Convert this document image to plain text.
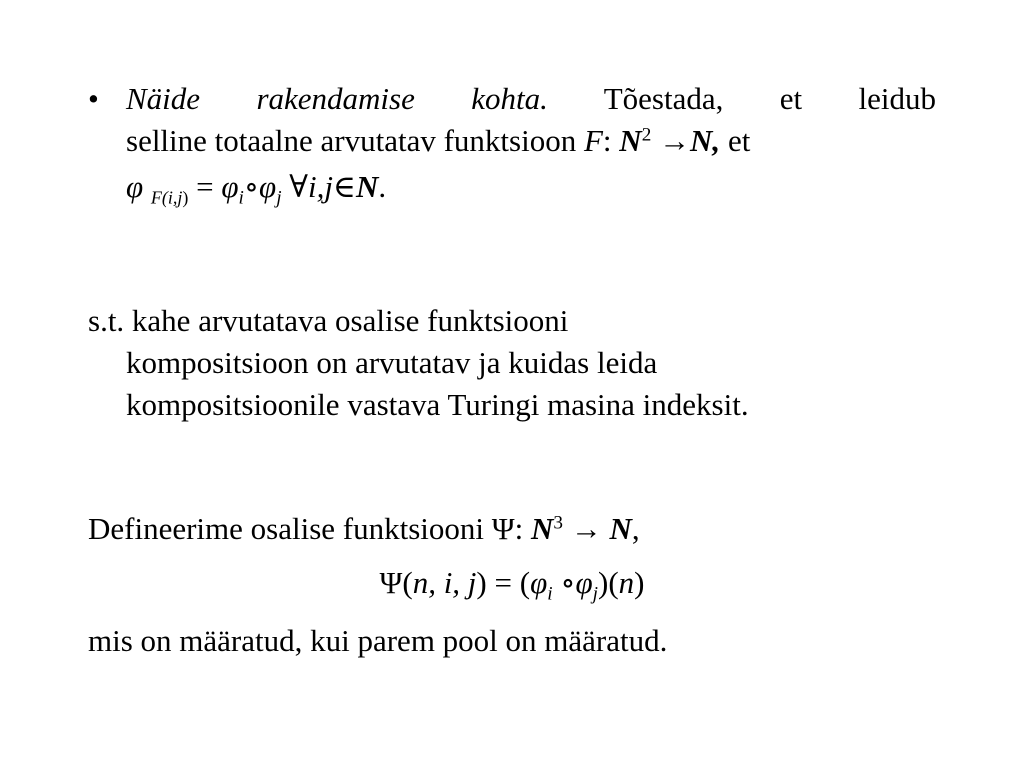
• Näide rakendamise kohta. Tõestada, et leidub
selline totaalne arvutatav funktsioon F: $N^2 \to N$, et
φ $_{F(i,j)} = \varphi_i\circ\varphi_j$ ∀i,j∈N.
s.t. kahe arvutatava osalise funktsiooni
kompositsioon on arvutatav ja kuidas leida
kompositsioonile vastava Turingi masina indeksit.
Defineerime osalise funktsiooni Ψ: $N^3 \to N$,
Ψ(n, i, $j) = (\varphi_i$ $\circ\varphi_j)(n)$
mis on määratud, kui parem pool on määratud.
